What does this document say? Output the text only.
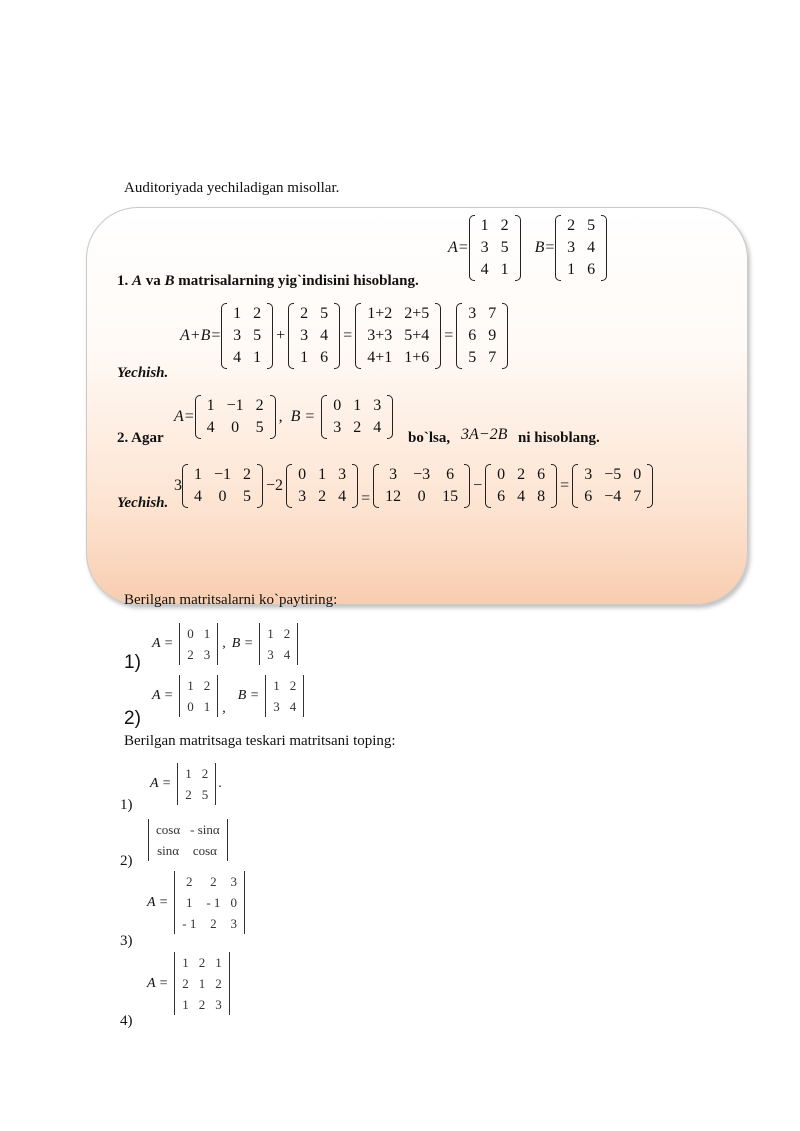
Auditoriyada yechiladigan misollar.
1. A va B matrisalarning yig`indisini hisoblang.
A=
1	2
3	5
4	1
B=
2	5
3	4
1	6
Yechish.
A+B=
1	2
3	5
4	1
+
2	5
3	4
1	6
=
1+2	2+5
3+3	5+4
4+1	1+6
=
3	7
6	9
5	7
2. Agar
A=
1	−1	2
4	0	5
, B =
0	1	3
3	2	4
bo`lsa, 3A−2B ni hisoblang.
Yechish.
3
1	−1	2
4	0	5
−2
0	1	3
3	2	4 =
3	−3	6
12	0	15
−
0	2	6
6	4	8
=
3	−5	0
6	−4	7
Berilgan matritsalarni ko`paytiring:
1)
A =
0	1
2	3
, B =
1	2
3	4
2)
A =
1	2
0	1 ,
B =
1	2
3	4
Berilgan matritsaga teskari matritsani toping:
1)
A =
1	2
2	5
.
2)
cosα	- sinα
sinα	cosα
3)
A =
2	2	3
1	- 1	0
- 1	2	3
4)
A =
1	2	1
2	1	2
1	2	3
